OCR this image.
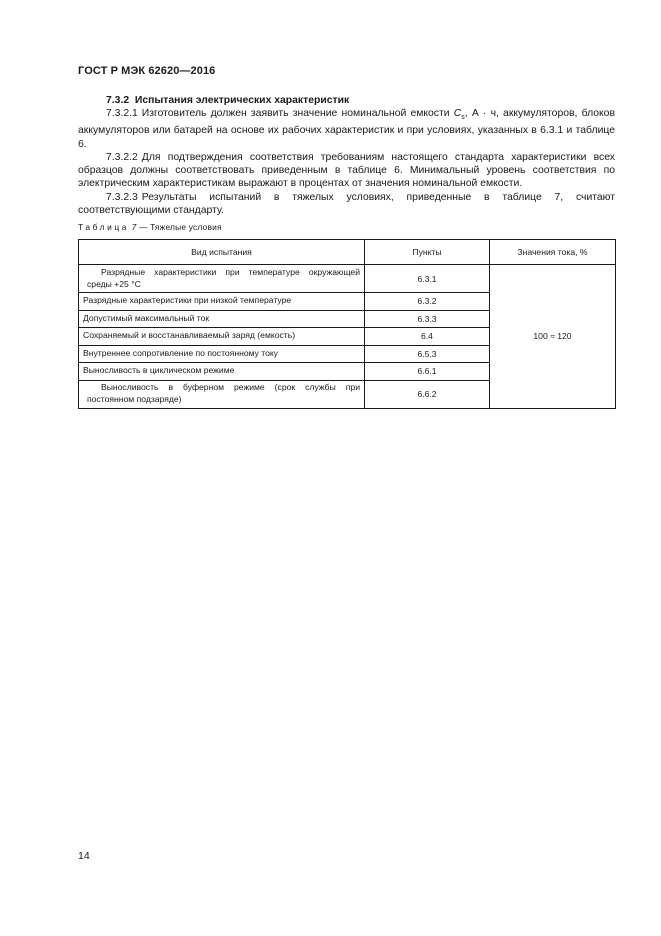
ГОСТ Р МЭК 62620—2016
7.3.2 Испытания электрических характеристик
7.3.2.1 Изготовитель должен заявить значение номинальной емкости $C_s$, А · ч, аккумуляторов, блоков аккумуляторов или батарей на основе их рабочих характеристик и при условиях, указанных в 6.3.1 и таблице 6.
7.3.2.2 Для подтверждения соответствия требованиям настоящего стандарта характеристики всех образцов должны соответствовать приведенным в таблице 6. Минимальный уровень соответствия по электрическим характеристикам выражают в процентах от значения номинальной емкости.
7.3.2.3 Результаты испытаний в тяжелых условиях, приведенные в таблице 7, считают соответствующими стандарту.
Таблица 7 — Тяжелые условия
Вид испытания	Пункты	Значения тока, %
Разрядные характеристики при температуре окружающей среды +25 °С	6.3.1	100 ≈ 120
Разрядные характеристики при низкой температуре	6.3.2	
Допустимый максимальный ток	6.3.3	
Сохраняемый и восстанавливаемый заряд (емкость)	6.4	
Внутреннее сопротивление по постоянному току	6.5.3	
Выносливость в циклическом режиме	6.6.1	
Выносливость в буферном режиме (срок службы при постоянном подзаряде)	6.6.2	
14
